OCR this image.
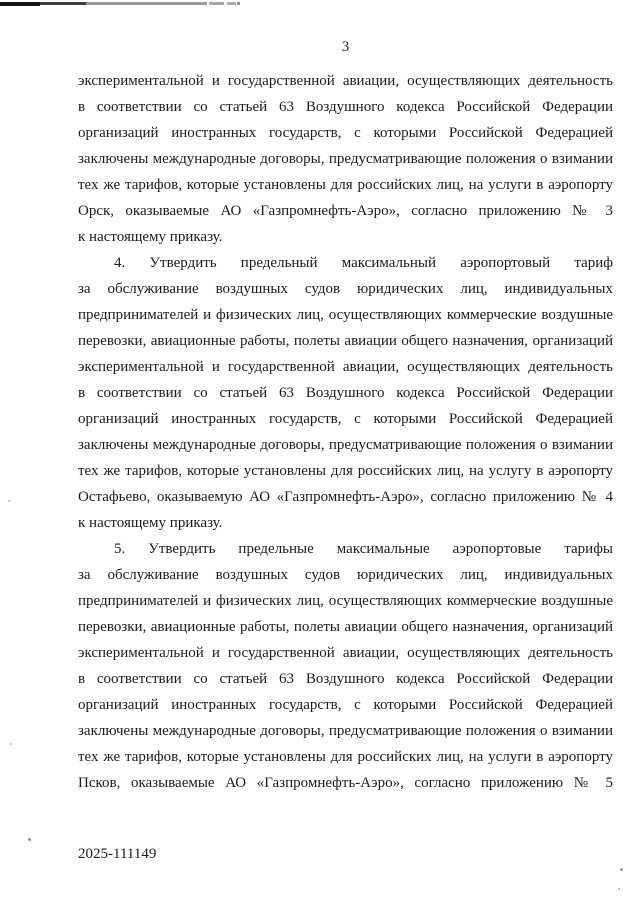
3
экспериментальной и государственной авиации, осуществляющих деятельность
в соответствии со статьей 63 Воздушного кодекса Российской Федерации
организаций иностранных государств, с которыми Российской Федерацией
заключены международные договоры, предусматривающие положения о взимании
тех же тарифов, которые установлены для российских лиц, на услуги в аэропорту
Орск, оказываемые АО «Газпромнефть-Аэро», согласно приложению № 3
к настоящему приказу.
4. Утвердить предельный максимальный аэропортовый тариф
за обслуживание воздушных судов юридических лиц, индивидуальных
предпринимателей и физических лиц, осуществляющих коммерческие воздушные
перевозки, авиационные работы, полеты авиации общего назначения, организаций
экспериментальной и государственной авиации, осуществляющих деятельность
в соответствии со статьей 63 Воздушного кодекса Российской Федерации
организаций иностранных государств, с которыми Российской Федерацией
заключены международные договоры, предусматривающие положения о взимании
тех же тарифов, которые установлены для российских лиц, на услугу в аэропорту
Остафьево, оказываемую АО «Газпромнефть-Аэро», согласно приложению № 4
к настоящему приказу.
5. Утвердить предельные максимальные аэропортовые тарифы
за обслуживание воздушных судов юридических лиц, индивидуальных
предпринимателей и физических лиц, осуществляющих коммерческие воздушные
перевозки, авиационные работы, полеты авиации общего назначения, организаций
экспериментальной и государственной авиации, осуществляющих деятельность
в соответствии со статьей 63 Воздушного кодекса Российской Федерации
организаций иностранных государств, с которыми Российской Федерацией
заключены международные договоры, предусматривающие положения о взимании
тех же тарифов, которые установлены для российских лиц, на услуги в аэропорту
Псков, оказываемые АО «Газпромнефть-Аэро», согласно приложению № 5
2025-111149
